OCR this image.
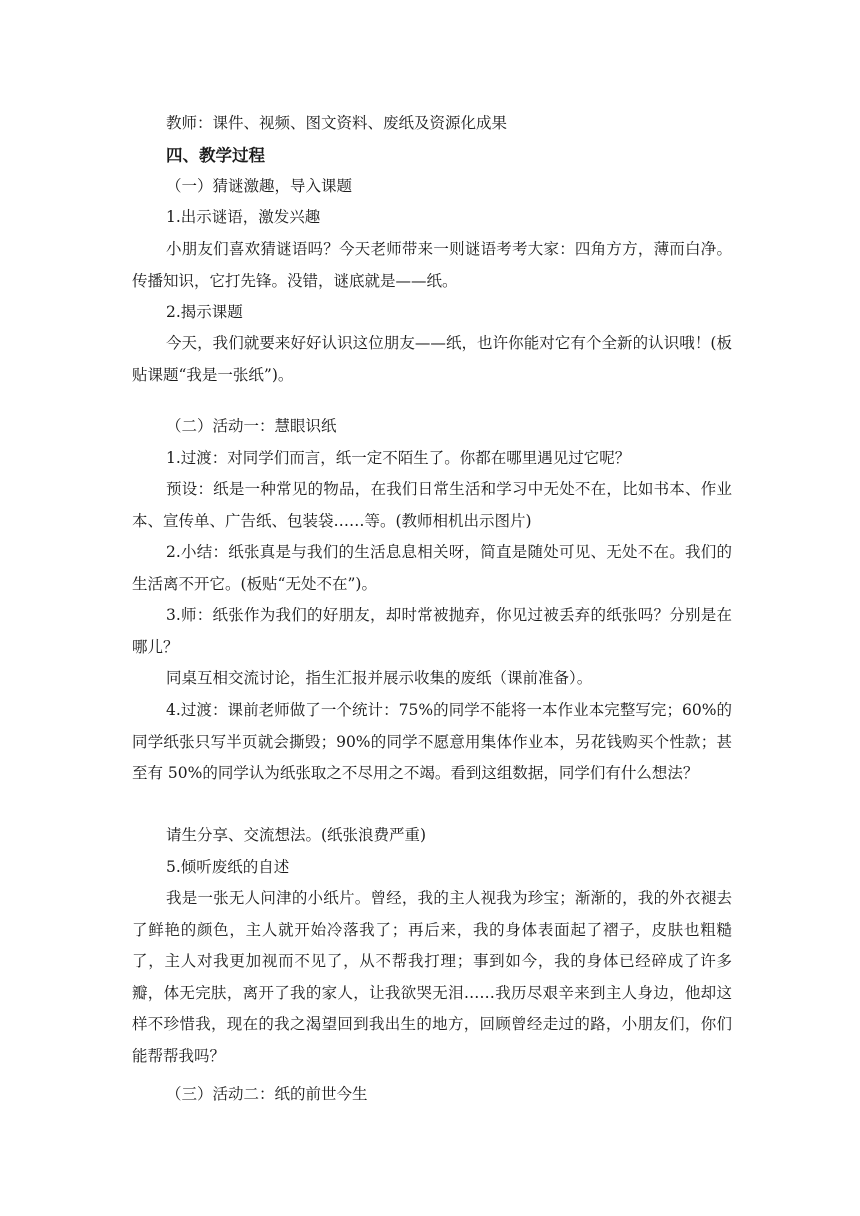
教师：课件、视频、图文资料、废纸及资源化成果

四、教学过程

（一）猜谜激趣，导入课题

1.出示谜语，激发兴趣

小朋友们喜欢猜谜语吗？今天老师带来一则谜语考考大家：四角方方，薄而白净。传播知识，它打先锋。没错，谜底就是——纸。

2.揭示课题

今天，我们就要来好好认识这位朋友——纸，也许你能对它有个全新的认识哦！(板贴课题“我是一张纸”)。

（二）活动一：慧眼识纸

1.过渡：对同学们而言，纸一定不陌生了。你都在哪里遇见过它呢？

预设：纸是一种常见的物品，在我们日常生活和学习中无处不在，比如书本、作业本、宣传单、广告纸、包装袋……等。(教师相机出示图片)

2.小结：纸张真是与我们的生活息息相关呀，简直是随处可见、无处不在。我们的生活离不开它。(板贴“无处不在”)。

3.师：纸张作为我们的好朋友，却时常被抛弃，你见过被丢弃的纸张吗？分别是在哪儿？

同桌互相交流讨论，指生汇报并展示收集的废纸（课前准备）。

4.过渡：课前老师做了一个统计：75%的同学不能将一本作业本完整写完；60%的同学纸张只写半页就会撕毁；90%的同学不愿意用集体作业本，另花钱购买个性款；甚至有 50%的同学认为纸张取之不尽用之不竭。看到这组数据，同学们有什么想法？

请生分享、交流想法。(纸张浪费严重)

5.倾听废纸的自述

我是一张无人问津的小纸片。曾经，我的主人视我为珍宝；渐渐的，我的外衣褪去了鲜艳的颜色，主人就开始冷落我了；再后来，我的身体表面起了褶子，皮肤也粗糙了，主人对我更加视而不见了，从不帮我打理；事到如今，我的身体已经碎成了许多瓣，体无完肤，离开了我的家人，让我欲哭无泪……我历尽艰辛来到主人身边，他却这样不珍惜我，现在的我之渴望回到我出生的地方，回顾曾经走过的路，小朋友们，你们能帮帮我吗？

（三）活动二：纸的前世今生
